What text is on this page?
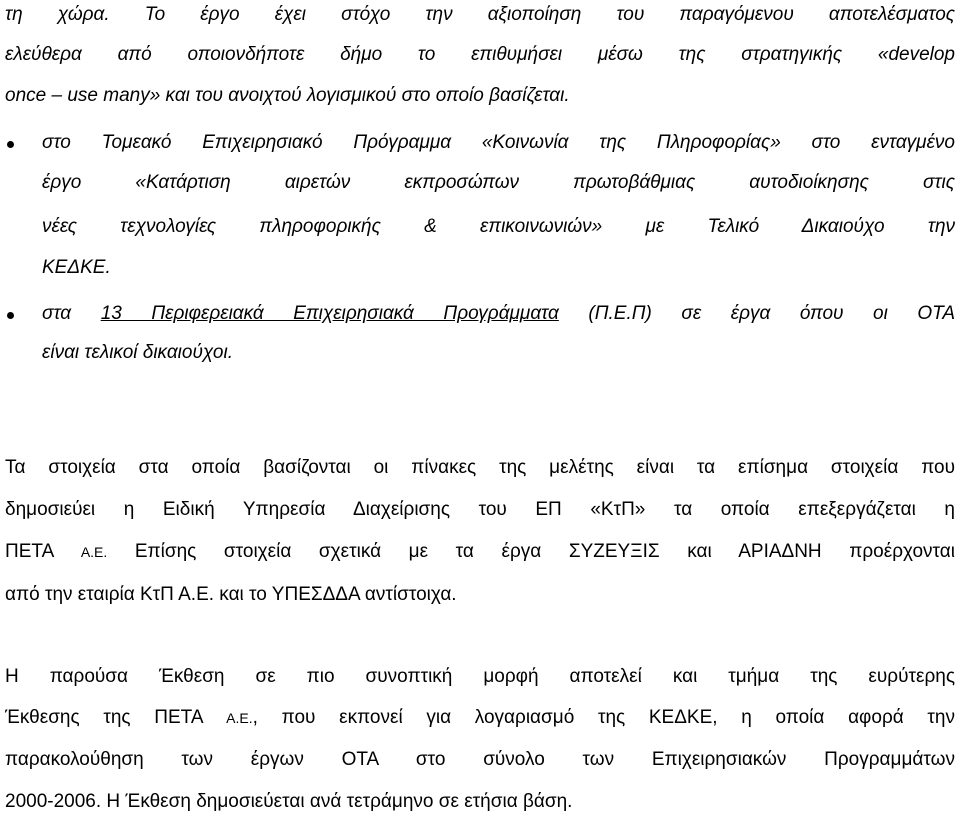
τη χώρα. Το έργο έχει στόχο την αξιοποίηση του παραγόμενου αποτελέσματος
ελεύθερα από οποιονδήποτε δήμο το επιθυμήσει μέσω της στρατηγικής «develop
once – use many» και του ανοιχτού λογισμικού στο οποίο βασίζεται.
στο Τομεακό Επιχειρησιακό Πρόγραμμα «Κοινωνία της Πληροφορίας» στο ενταγμένο
έργο «Κατάρτιση αιρετών εκπροσώπων πρωτοβάθμιας αυτοδιοίκησης στις
νέες τεχνολογίες πληροφορικής & επικοινωνιών» με Τελικό Δικαιούχο την
ΚΕΔΚΕ.
στα 13 Περιφερειακά Επιχειρησιακά Προγράμματα (Π.Ε.Π) σε έργα όπου οι ΟΤΑ
είναι τελικοί δικαιούχοι.
Τα στοιχεία στα οποία βασίζονται οι πίνακες της μελέτης είναι τα επίσημα στοιχεία που
δημοσιεύει η Ειδική Υπηρεσία Διαχείρισης του ΕΠ «ΚτΠ» τα οποία επεξεργάζεται η
ΠΕΤΑ Α.Ε. Επίσης στοιχεία σχετικά με τα έργα ΣΥΖΕΥΞΙΣ και ΑΡΙΑΔΝΗ προέρχονται
από την εταιρία ΚτΠ Α.Ε. και το ΥΠΕΣΔΔΑ αντίστοιχα.
Η παρούσα Έκθεση σε πιο συνοπτική μορφή αποτελεί και τμήμα της ευρύτερης
Έκθεσης της ΠΕΤΑ Α.Ε., που εκπονεί για λογαριασμό της ΚΕΔΚΕ, η οποία αφορά την
παρακολούθηση των έργων ΟΤΑ στο σύνολο των Επιχειρησιακών Προγραμμάτων
2000-2006. Η Έκθεση δημοσιεύεται ανά τετράμηνο σε ετήσια βάση.
